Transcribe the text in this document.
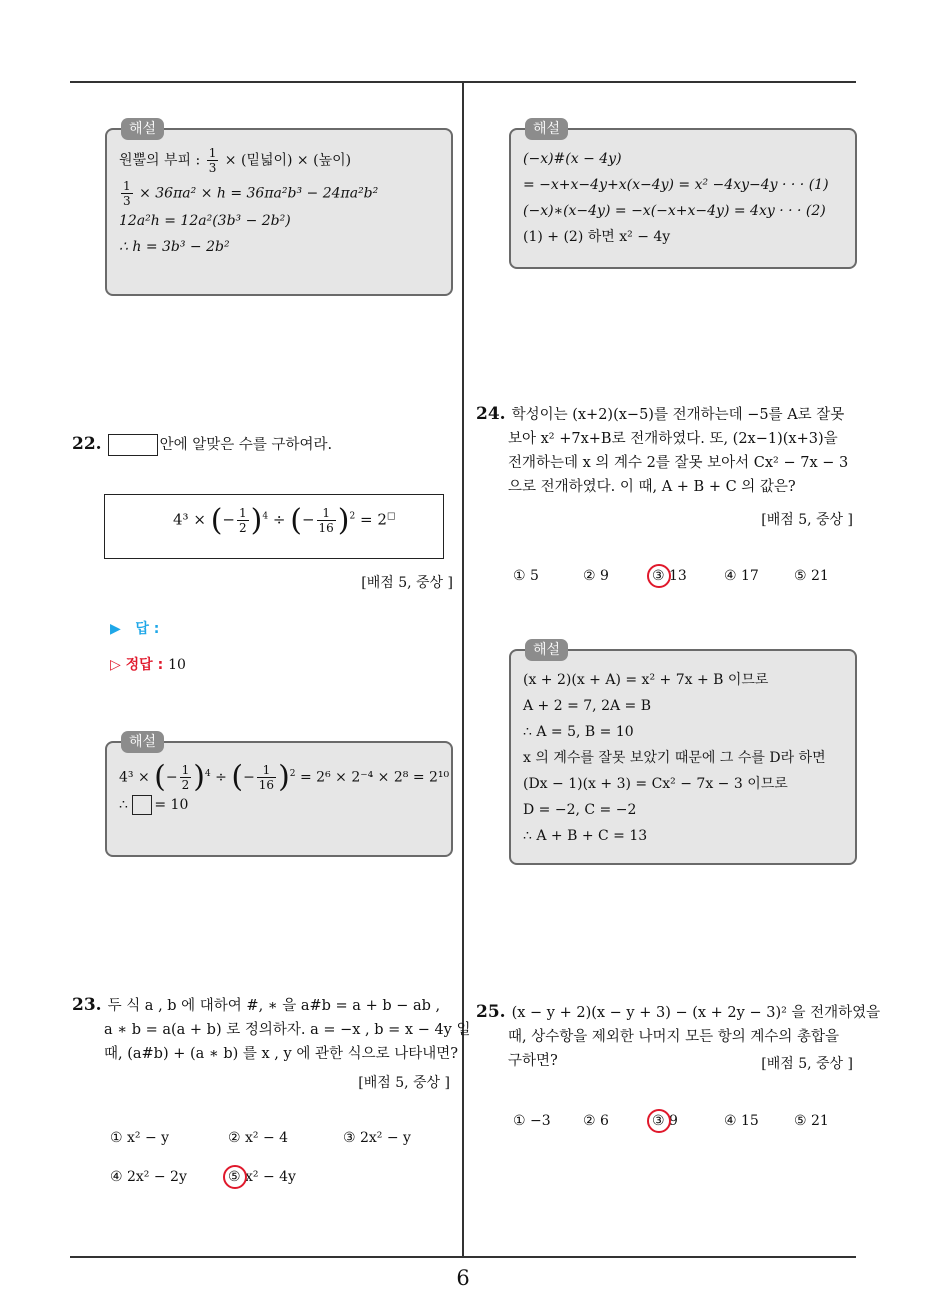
해설
원뿔의 부피 : $\frac{1}{3}$ × (밑넓이) × (높이)
$\frac{1}{3} \times 36\pi a^2 \times h = 36\pi a^2b^3 - 24\pi a^2b^2$
12a²h = 12a²(3b³ − 2b²)
∴ h = 3b³ − 2b²
해설
(−x)#(x − 4y)
= −x+x−4y+x(x−4y) = x² −4xy−4y · · · (1)
(−x)∗(x−4y) = −x(−x+x−4y) = 4xy · · · (2)
(1) + (2) 하면 x² − 4y
22.	안에 알맞은 수를 구하여라.
4³ × (− $\frac{1}{2} )^4$ ÷ (− $\frac{1}{16} )^2 = 2^□$
[배점 5, 중상 ]
▶ 답 :
▷ 정답 : 10
해설
4³ × (− $\frac{1}{2} )^4$ ÷ (− $\frac{1}{16} )^2 = 2^6 \times 2^{-4} \times 2^8 = 2^{10}$
∴ = 10
23. 두 식 a , b 에 대하여 #, ∗ 을 a#b = a + b − ab ,
a ∗ b = a(a + b) 로 정의하자. a = −x , b = x − 4y 일
때, (a#b) + (a ∗ b) 를 x , y 에 관한 식으로 나타내면?
[배점 5, 중상 ]
① x² − y	② x² − 4	③ 2x² − y
④ 2x² − 2y	⑤ x² − 4y
24. 학성이는 (x+2)(x−5)를 전개하는데 −5를 A로 잘못
보아 x² +7x+B로 전개하였다. 또, (2x−1)(x+3)을
전개하는데 x 의 계수 2를 잘못 보아서 Cx² − 7x − 3
으로 전개하였다. 이 때, A + B + C 의 값은?
[배점 5, 중상 ]
① 5	② 9	③ 13	④ 17	⑤ 21
해설
(x + 2)(x + A) = x² + 7x + B 이므로
A + 2 = 7, 2A = B
∴ A = 5, B = 10
x 의 계수를 잘못 보았기 때문에 그 수를 D라 하면
(Dx − 1)(x + 3) = Cx² − 7x − 3 이므로
D = −2, C = −2
∴ A + B + C = 13
25. (x − y + 2)(x − y + 3) − (x + 2y − 3)² 을 전개하였을
때, 상수항을 제외한 나머지 모든 항의 계수의 총합을
구하면?	[배점 5, 중상 ]
① −3 ② 6	③ 9	④ 15	⑤ 21
6
